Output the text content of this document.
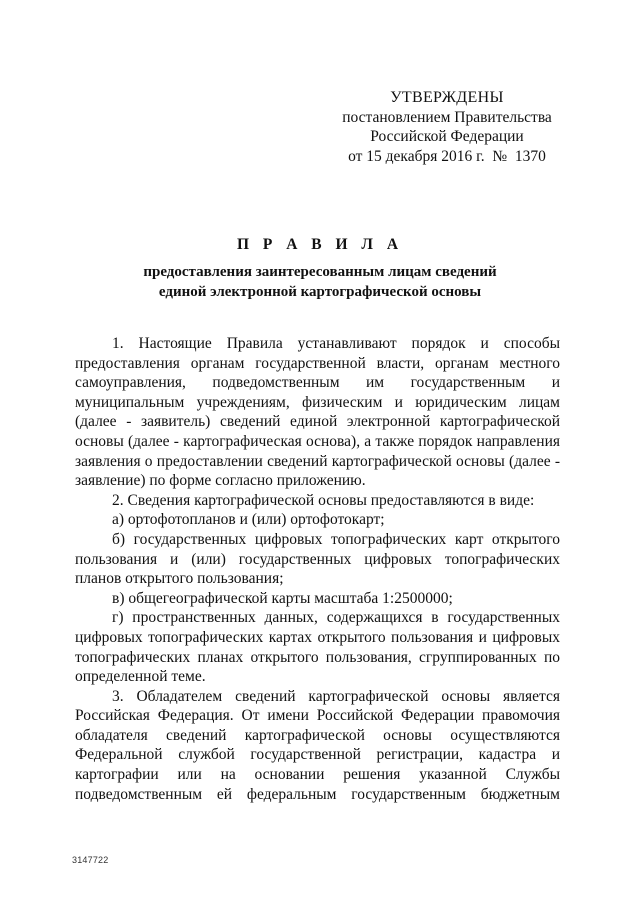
УТВЕРЖДЕНЫ
постановлением Правительства
Российской Федерации
от 15 декабря 2016 г.  №  1370
П Р А В И Л А
предоставления заинтересованным лицам сведений
единой электронной картографической основы

1. Настоящие Правила устанавливают порядок и способы предоставления органам государственной власти, органам местного самоуправления, подведомственным им государственным и муниципальным учреждениям, физическим и юридическим лицам (далее - заявитель) сведений единой электронной картографической основы (далее - картографическая основа), а также порядок направления заявления о предоставлении сведений картографической основы (далее - заявление) по форме согласно приложению.

2. Сведения картографической основы предоставляются в виде:

а) ортофотопланов и (или) ортофотокарт;

б) государственных цифровых топографических карт открытого пользования и (или) государственных цифровых топографических планов открытого пользования;

в) общегеографической карты масштаба 1:2500000;

г) пространственных данных, содержащихся в государственных цифровых топографических картах открытого пользования и цифровых топографических планах открытого пользования, сгруппированных по определенной теме.

3. Обладателем сведений картографической основы является Российская Федерация. От имени Российской Федерации правомочия обладателя сведений картографической основы осуществляются Федеральной службой государственной регистрации, кадастра и картографии или на основании решения указанной Службы подведомственным ей федеральным государственным бюджетным

3147722
